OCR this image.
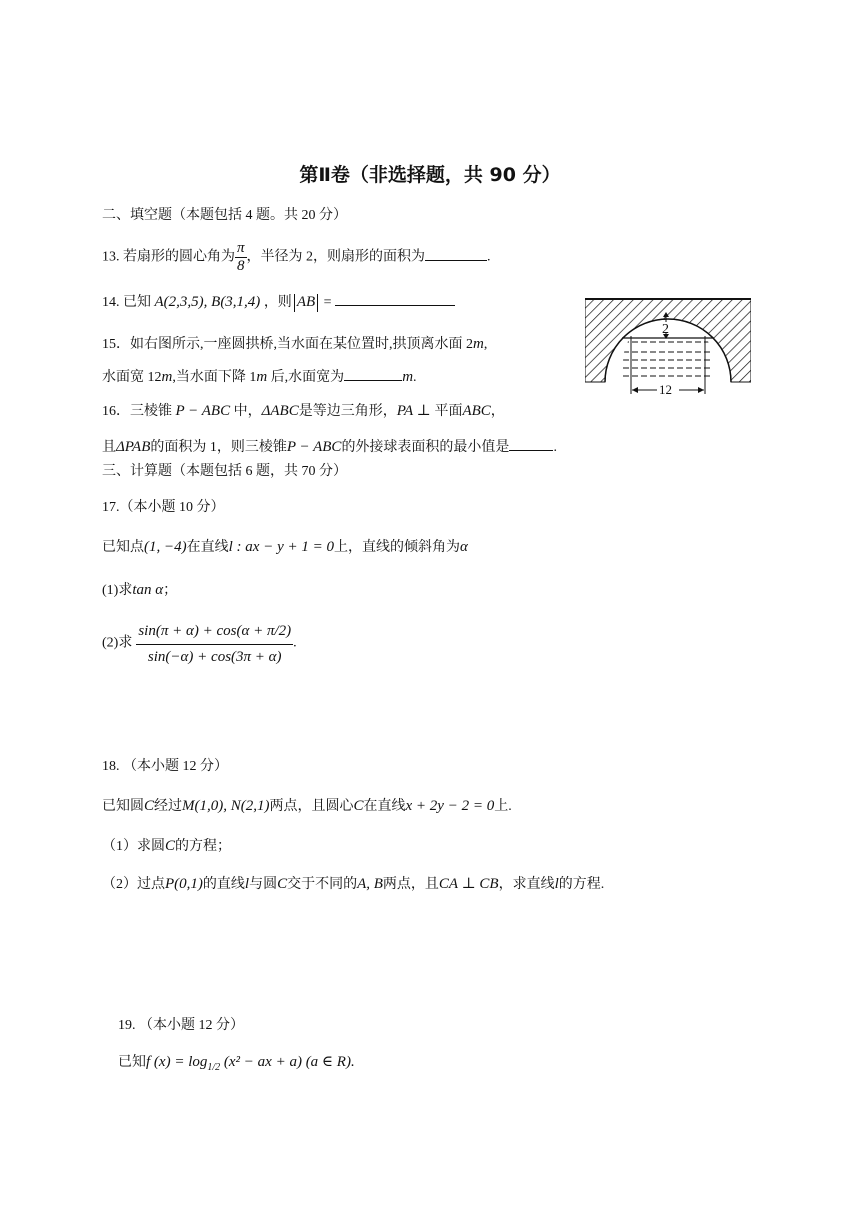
第Ⅱ卷（非选择题，共 90 分）
二、填空题（本题包括 4 题。共 20 分）
13. 若扇形的圆心角为 $\frac{\pi}{8}$ ，半径为 2，则扇形的面积为	.
14. 已知 A(2,3,5), B(3,1,4) ，则 AB =
15．如右图所示,一座圆拱桥,当水面在某位置时,拱顶离水面 2m,
水面宽 12m,当水面下降 1m 后,水面宽为	m.
2
12
16．三棱锥 P − ABC 中，ΔABC是等边三角形，PA ⊥ 平面ABC，
且ΔPAB的面积为 1，则三棱锥P − ABC的外接球表面积的最小值是	.
三、计算题（本题包括 6 题，共 70 分）
17.（本小题 10 分）
已知点(1, −4)在直线l : ax − y + 1 = 0上，直线的倾斜角为α
(1)求tan α；
(2)求 $\frac{\sin(\pi + \alpha) + \cos(\alpha + \pi/2)}{\sin(-\alpha) + \cos(3\pi + \alpha)}$ .
18. （本小题 12 分）
已知圆C经过M(1,0), N(2,1)两点，且圆心C在直线x + 2y − 2 = 0上.
（1）求圆C的方程；
（2）过点P(0,1)的直线l与圆C交于不同的A, B两点，且CA ⊥ CB，求直线l的方程.
19. （本小题 12 分）
已知f $(x) = \log_{1/2} (x^2$ − ax + a) (a ∈ R).
